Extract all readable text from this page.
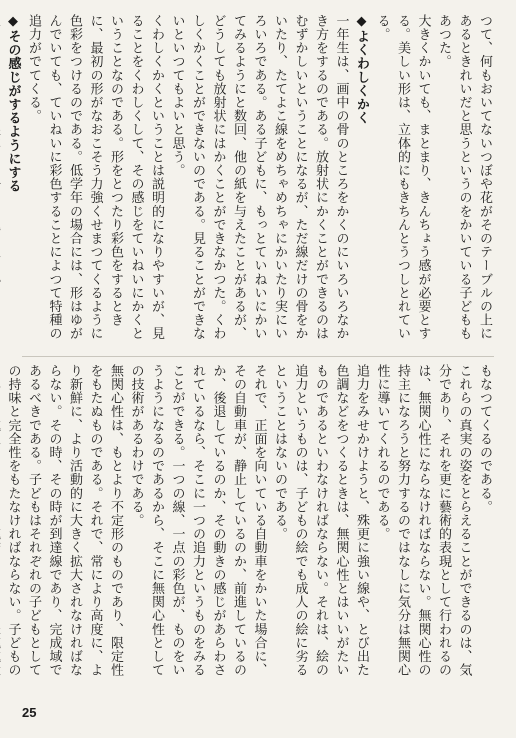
つて、何もおいてないつぼや花がそのテーブルの上にあるときれいだと思うというのをかいている子どももあつた。

大きくかいても、まとまり、きんちょう感が必要とする。美しい形は、立体的にもきちんとうつしとれている。

◆よくわしくかく

一年生は、画中の骨のところをかくのにいろいろなかき方をするのである。放射状にかくことができるのはむずかしいということになるが、ただ線だけの骨をかいたり、たてよこ線をめちゃめちゃにかいたり実にいろいろである。ある子どもに、もっとていねいにかいてみるようにと数回、他の紙を与えたことがあるが、どうしても放射状にはかくことができなかつた。くわしくかくことができないのである。見ることができないといつてもよいと思う。

くわしくかくということは説明的になりやすいが、見ることをくわしくして、その感じをていねいにかくということなのである。形をとつたり彩色をするときに、最初の形がなおこそう力強くせまつてくるように色彩をつけるのである。低学年の場合には、形はゆがんでいても、ていねいに彩色することによつて特種の追力がでてくる。

◆その感じがするようにする

もなつてくるのである。

これらの真実の姿をとらえることができるのは、気分であり、それを更に藝術的表現として行われるのは、無関心性にならなければならない。無関心性の持主になろうと努力するのではなしに気分は無関心性に導いてくれるのである。

追力をみせかけようと、殊更に強い線や、とび出た色調などをつくるときは、無関心性とはいいがたいものであるといわなければならない。それは、絵の追力というものは、子どもの絵でも成人の絵に劣るということはないのである。

それで、正面を向いている自動車をかいた場合に、その自動車が、静止しているのか、前進しているのか、後退しているのか、その動きの感じがあらわされているなら、そこに一つの追力というものをみることができる。一つの線、一点の彩色が、ものをいうようになるのであるから、そこに無関心性としての技術があるわけである。

無関心性は、もとより不定形のものであり、限定性をもたぬものである。それで、常により高度に、より新鮮に、より活動的に大きく拡大されなければならない。その時、その時が到達線であり、完成域であるべきである。子どもはそれぞれの子どもとしての持味と完全性をもたなければならない。子どもの

25
